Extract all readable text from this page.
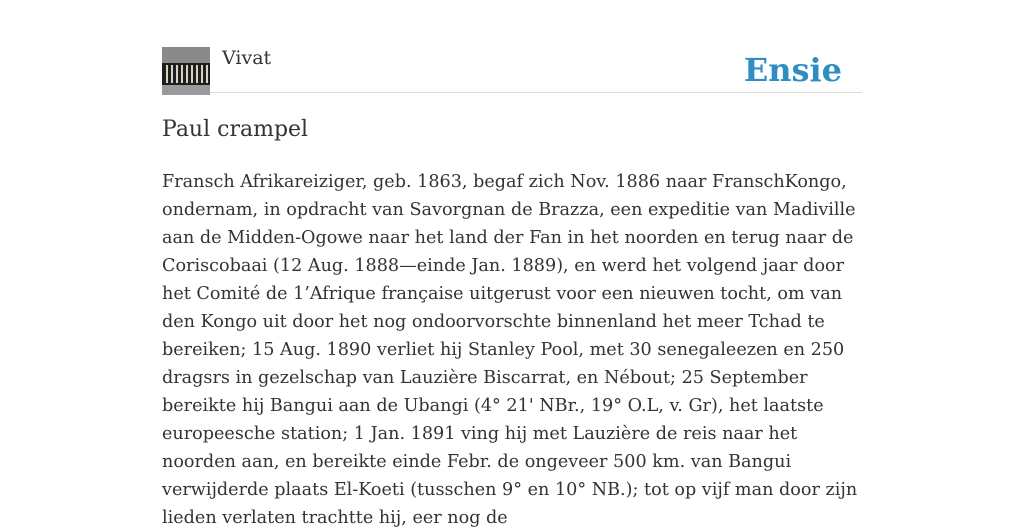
Vivat	Ensie
Paul crampel

Fransch Afrikareiziger, geb. 1863, begaf zich Nov. 1886 naar FranschKongo, ondernam, in opdracht van Savorgnan de Brazza, een expeditie van Madiville aan de Midden-Ogowe naar het land der Fan in het noorden en terug naar de Coriscobaai (12 Aug. 1888—einde Jan. 1889), en werd het volgend jaar door het Comité de 1’Afrique française uitgerust voor een nieuwen tocht, om van den Kongo uit door het nog ondoorvorschte binnenland het meer Tchad te bereiken; 15 Aug. 1890 verliet hij Stanley Pool, met 30 senegaleezen en 250 dragsrs in gezelschap van Lauzière Biscarrat, en Nébout; 25 September bereikte hij Bangui aan de Ubangi (4° 21' NBr., 19° O.L, v. Gr), het laatste europeesche station; 1 Jan. 1891 ving hij met Lauzière de reis naar het noorden aan, en bereikte einde Febr. de ongeveer 500 km. van Bangui verwijderde plaats El-Koeti (tusschen 9° en 10° NB.); tot op vijf man door zijn lieden verlaten trachtte hij, eer nog de
